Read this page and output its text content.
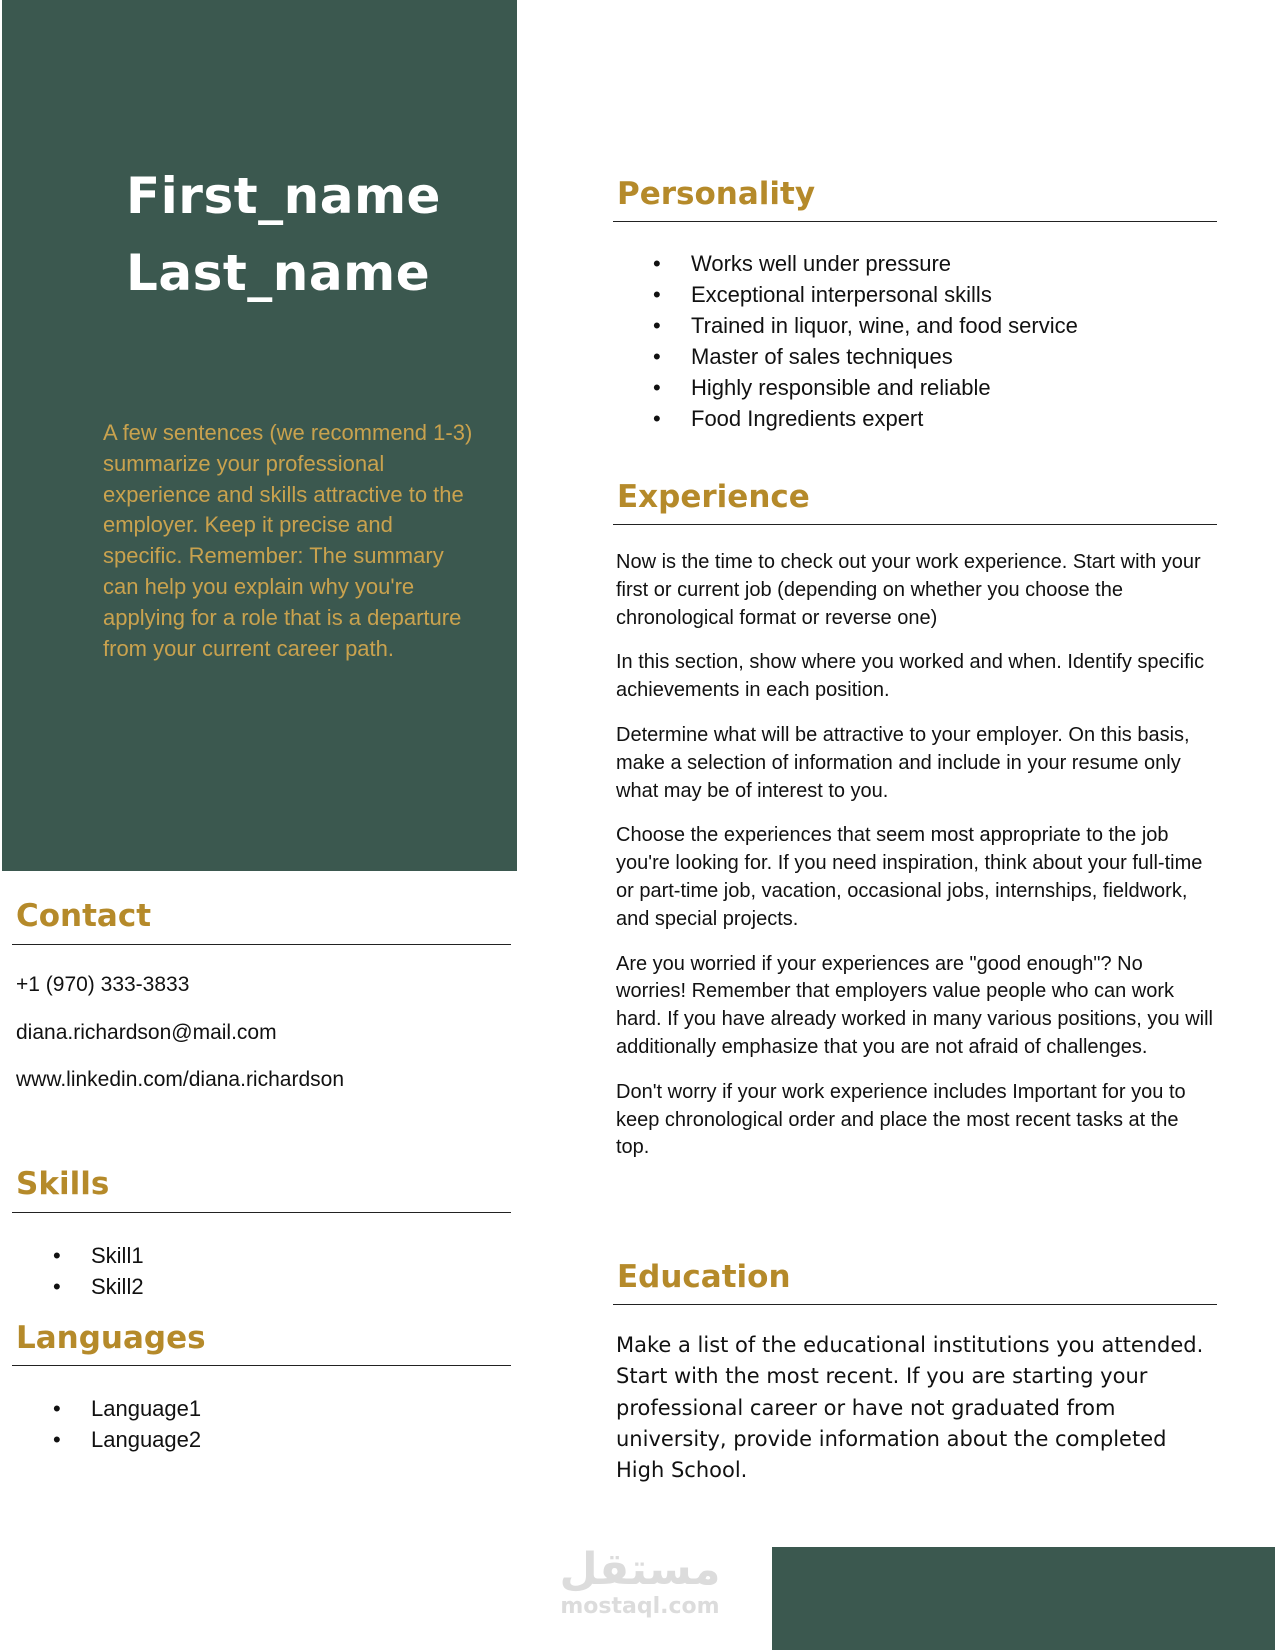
First_name
Last_name

A few sentences (we recommend 1-3) summarize your professional experience and skills attractive to the employer. Keep it precise and specific. Remember: The summary can help you explain why you're applying for a role that is a departure from your current career path.

Contact

+1 (970) 333-3833

diana.richardson@mail.com

www.linkedin.com/diana.richardson

Skills
• Skill1
• Skill2
Languages
• Language1
• Language2
Personality
• Works well under pressure
• Exceptional interpersonal skills
• Trained in liquor, wine, and food service
• Master of sales techniques
• Highly responsible and reliable
• Food Ingredients expert
Experience

Now is the time to check out your work experience. Start with your first or current job (depending on whether you choose the chronological format or reverse one)

In this section, show where you worked and when. Identify specific achievements in each position.

Determine what will be attractive to your employer. On this basis, make a selection of information and include in your resume only what may be of interest to you.

Choose the experiences that seem most appropriate to the job you're looking for. If you need inspiration, think about your full-time or part-time job, vacation, occasional jobs, internships, fieldwork, and special projects.

Are you worried if your experiences are "good enough"? No worries! Remember that employers value people who can work hard. If you have already worked in many various positions, you will additionally emphasize that you are not afraid of challenges.

Don't worry if your work experience includes Important for you to keep chronological order and place the most recent tasks at the top.

Education

Make a list of the educational institutions you attended. Start with the most recent. If you are starting your professional career or have not graduated from university, provide information about the completed High School.

مستقل
mostaql.com
